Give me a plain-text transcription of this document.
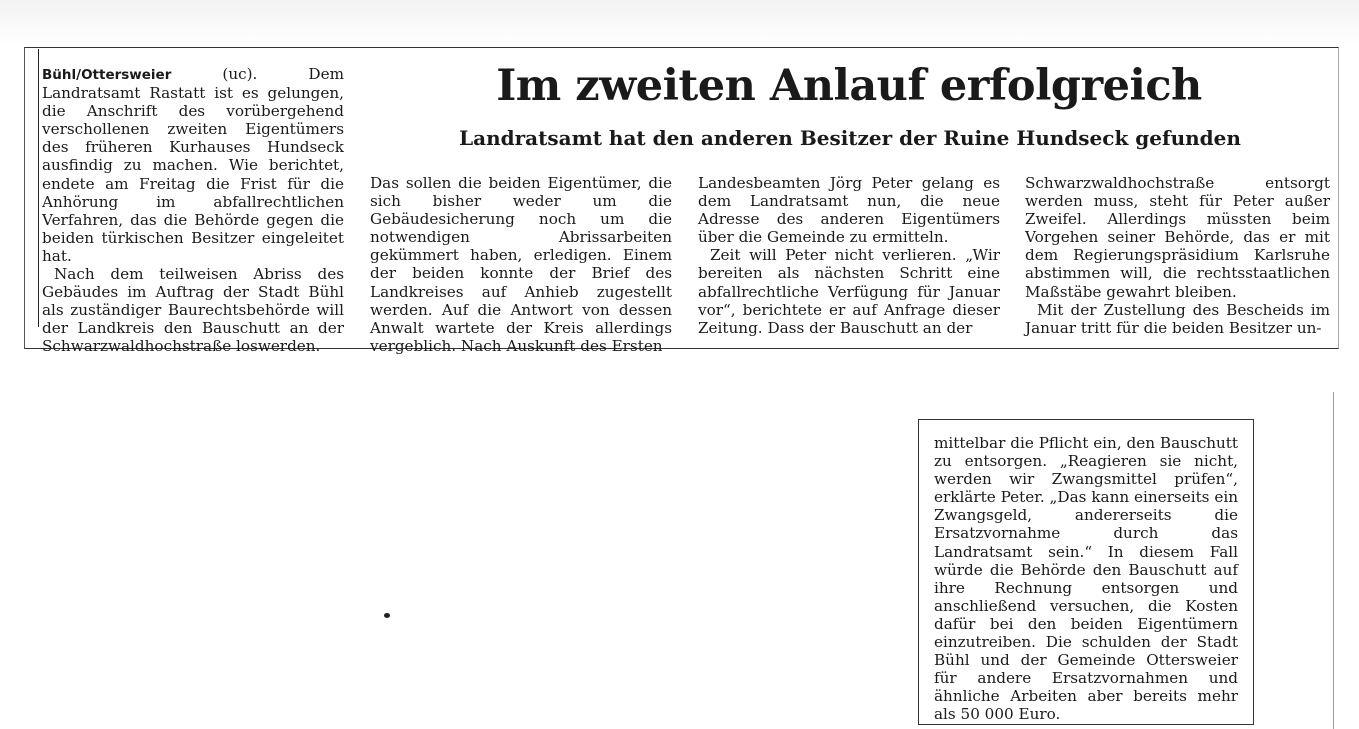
Im zweiten Anlauf erfolgreich
Landratsamt hat den anderen Besitzer der Ruine Hundseck gefunden

Bühl/Ottersweier (uc). Dem Landratsamt Rastatt ist es gelungen, die Anschrift des vorübergehend verschollenen zweiten Eigentümers des früheren Kurhauses Hundseck ausfindig zu machen. Wie berichtet, endete am Freitag die Frist für die Anhörung im abfallrechtlichen Verfahren, das die Behörde gegen die beiden türkischen Besitzer eingeleitet hat.

Nach dem teilweisen Abriss des Gebäudes im Auftrag der Stadt Bühl als zuständiger Baurechtsbehörde will der Landkreis den Bauschutt an der Schwarzwaldhochstraße loswerden.

Das sollen die beiden Eigentümer, die sich bisher weder um die Gebäudesicherung noch um die notwendigen Abrissarbeiten gekümmert haben, erledigen. Einem der beiden konnte der Brief des Landkreises auf Anhieb zugestellt werden. Auf die Antwort von dessen Anwalt wartete der Kreis allerdings vergeblich. Nach Auskunft des Ersten

Landesbeamten Jörg Peter gelang es dem Landratsamt nun, die neue Adresse des anderen Eigentümers über die Gemeinde zu ermitteln.

Zeit will Peter nicht verlieren. „Wir bereiten als nächsten Schritt eine abfallrechtliche Verfügung für Januar vor“, berichtete er auf Anfrage dieser Zeitung. Dass der Bauschutt an der

Schwarzwaldhochstraße entsorgt werden muss, steht für Peter außer Zweifel. Allerdings müssten beim Vorgehen seiner Behörde, das er mit dem Regierungspräsidium Karlsruhe abstimmen will, die rechtsstaatlichen Maßstäbe gewahrt bleiben.

Mit der Zustellung des Bescheids im Januar tritt für die beiden Besitzer un-

mittelbar die Pflicht ein, den Bauschutt zu entsorgen. „Reagieren sie nicht, werden wir Zwangsmittel prüfen“, erklärte Peter. „Das kann einerseits ein Zwangsgeld, andererseits die Ersatzvornahme durch das Landratsamt sein.“ In diesem Fall würde die Behörde den Bauschutt auf ihre Rechnung entsorgen und anschließend versuchen, die Kosten dafür bei den beiden Eigentümern einzutreiben. Die schulden der Stadt Bühl und der Gemeinde Ottersweier für andere Ersatzvornahmen und ähnliche Arbeiten aber bereits mehr als 50 000 Euro.
